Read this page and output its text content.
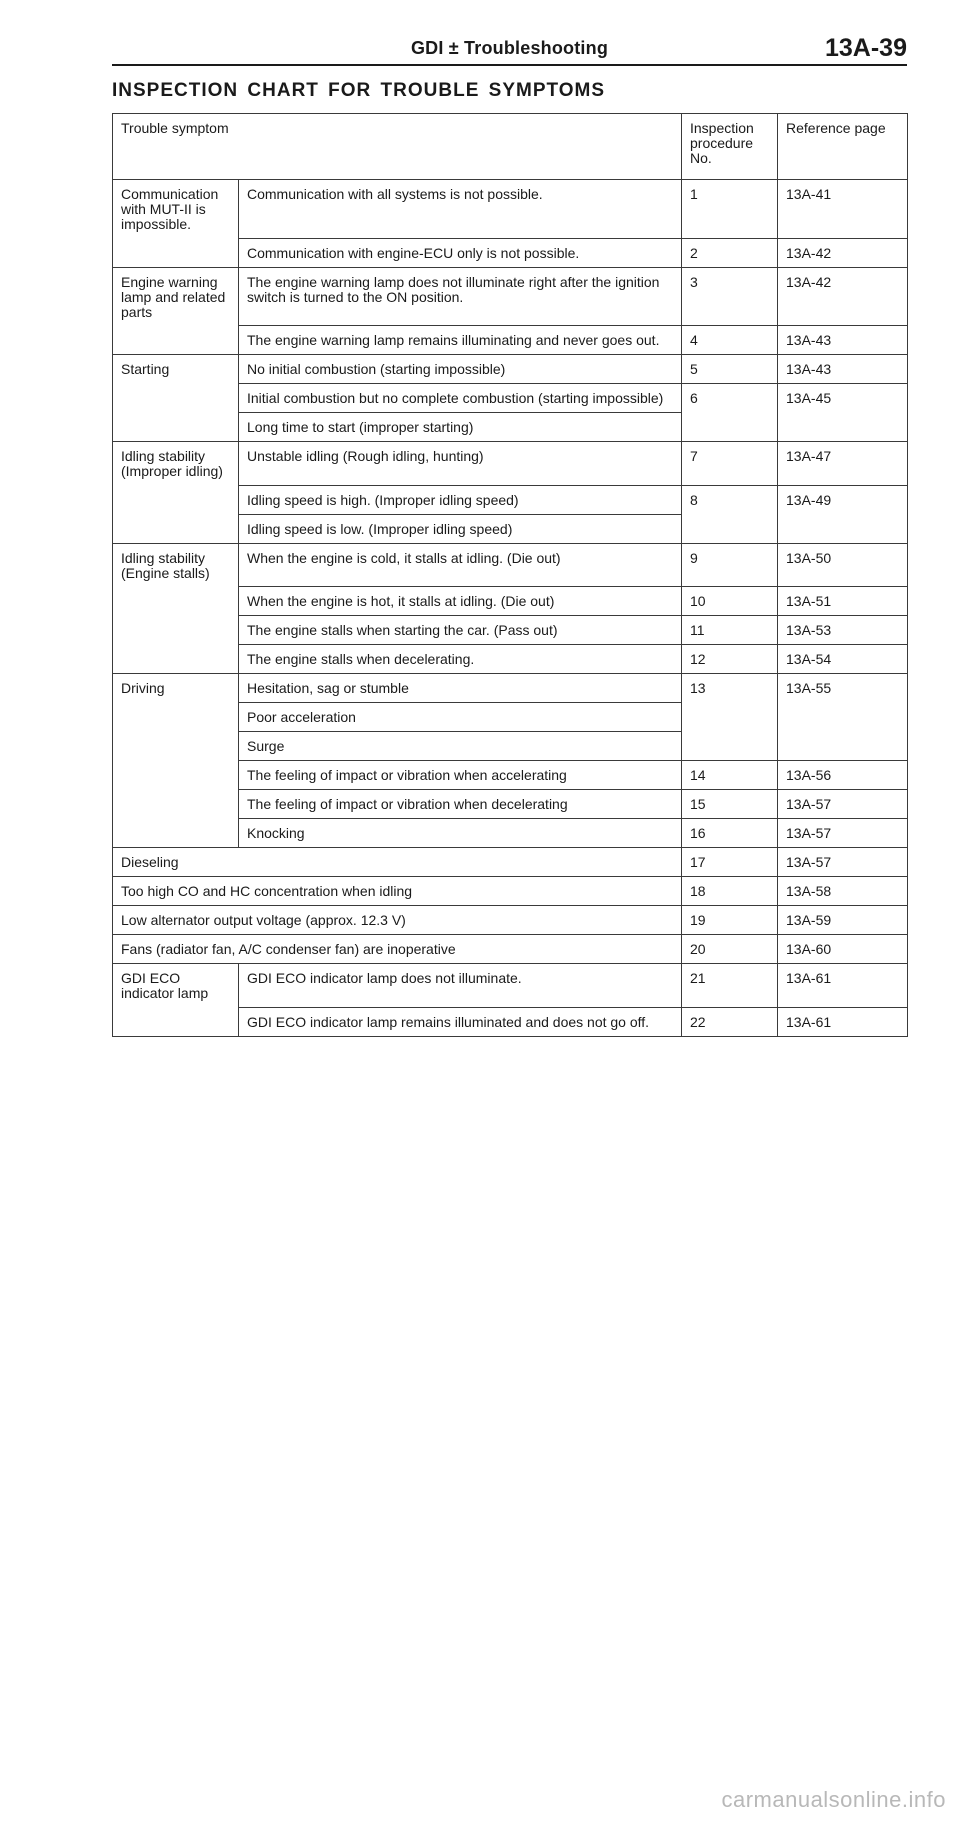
GDI ± Troubleshooting	13A-39
INSPECTION CHART FOR TROUBLE SYMPTOMS
Trouble symptom		Inspection procedure No.	Reference page
Communication with MUT-II is impossible.	Communication with all systems is not possible.	1	13A-41
	Communication with engine-ECU only is not possible.	2	13A-42
Engine warning lamp and related parts	The engine warning lamp does not illuminate right after the ignition switch is turned to the ON position.	3	13A-42
	The engine warning lamp remains illuminating and never goes out.	4	13A-43
Starting	No initial combustion (starting impossible)	5	13A-43
	Initial combustion but no complete combustion (starting impossible)	6	13A-45
	Long time to start (improper starting)		
Idling stability (Improper idling)	Unstable idling (Rough idling, hunting)	7	13A-47
	Idling speed is high. (Improper idling speed)	8	13A-49
	Idling speed is low. (Improper idling speed)		
Idling stability (Engine stalls)	When the engine is cold, it stalls at idling. (Die out)	9	13A-50
	When the engine is hot, it stalls at idling. (Die out)	10	13A-51
	The engine stalls when starting the car. (Pass out)	11	13A-53
	The engine stalls when decelerating.	12	13A-54
Driving	Hesitation, sag or stumble	13	13A-55
	Poor acceleration		
	Surge		
	The feeling of impact or vibration when accelerating	14	13A-56
	The feeling of impact or vibration when decelerating	15	13A-57
	Knocking	16	13A-57
Dieseling		17	13A-57
Too high CO and HC concentration when idling		18	13A-58
Low alternator output voltage (approx. 12.3 V)		19	13A-59
Fans (radiator fan, A/C condenser fan) are inoperative		20	13A-60
GDI ECO indicator lamp	GDI ECO indicator lamp does not illuminate.	21	13A-61
	GDI ECO indicator lamp remains illuminated and does not go off.	22	13A-61
carmanualsonline.info
